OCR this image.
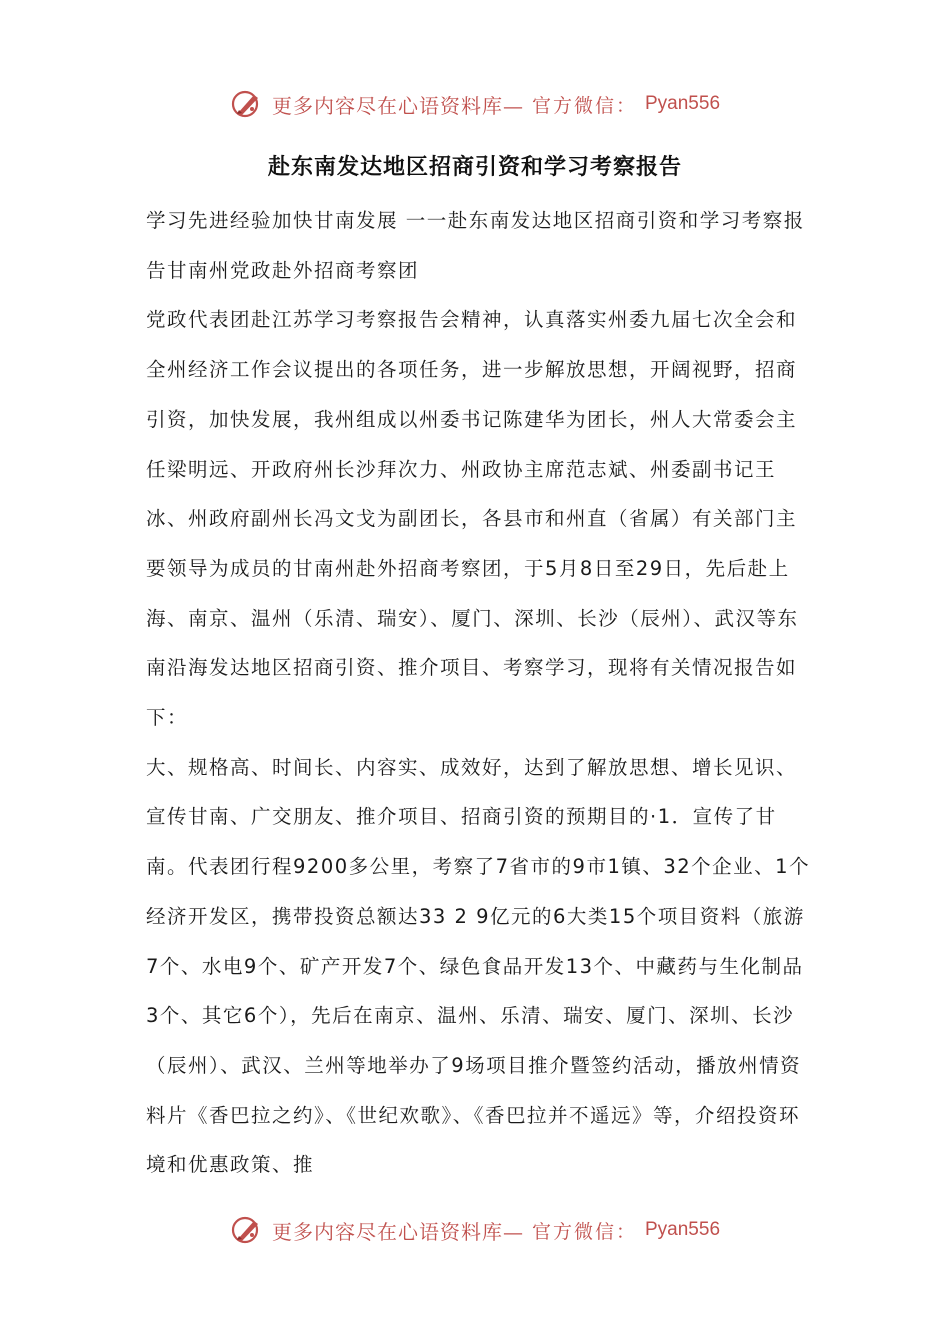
更多内容尽在心语资料库— 官方微信： Pyan556
赴东南发达地区招商引资和学习考察报告

学习先进经验加快甘南发展 一一赴东南发达地区招商引资和学习考察报告甘南州党政赴外招商考察团

党政代表团赴江苏学习考察报告会精神，认真落实州委九届七次全会和全州经济工作会议提出的各项任务，进一步解放思想，开阔视野，招商引资，加快发展，我州组成以州委书记陈建华为团长，州人大常委会主任梁明远、开政府州长沙拜次力、州政协主席范志斌、州委副书记王冰、州政府副州长冯文戈为副团长，各县市和州直（省属）有关部门主要领导为成员的甘南州赴外招商考察团，于5月8日至29日，先后赴上海、南京、温州（乐清、瑞安）、厦门、深圳、长沙（辰州）、武汉等东南沿海发达地区招商引资、推介项目、考察学习，现将有关情况报告如下：

大、规格高、时间长、内容实、成效好，达到了解放思想、增长见识、宣传甘南、广交朋友、推介项目、招商引资的预期目的·1．宣传了甘南。代表团行程9200多公里，考察了7省市的9市1镇、32个企业、1个经济开发区，携带投资总额达33 2 9亿元的6大类15个项目资料（旅游7个、水电9个、矿产开发7个、绿色食品开发13个、中藏药与生化制品3个、其它6个），先后在南京、温州、乐清、瑞安、厦门、深圳、长沙（辰州）、武汉、兰州等地举办了9场项目推介暨签约活动，播放州情资料片《香巴拉之约》、《世纪欢歌》、《香巴拉并不遥远》等，介绍投资环境和优惠政策、推

更多内容尽在心语资料库— 官方微信： Pyan556
